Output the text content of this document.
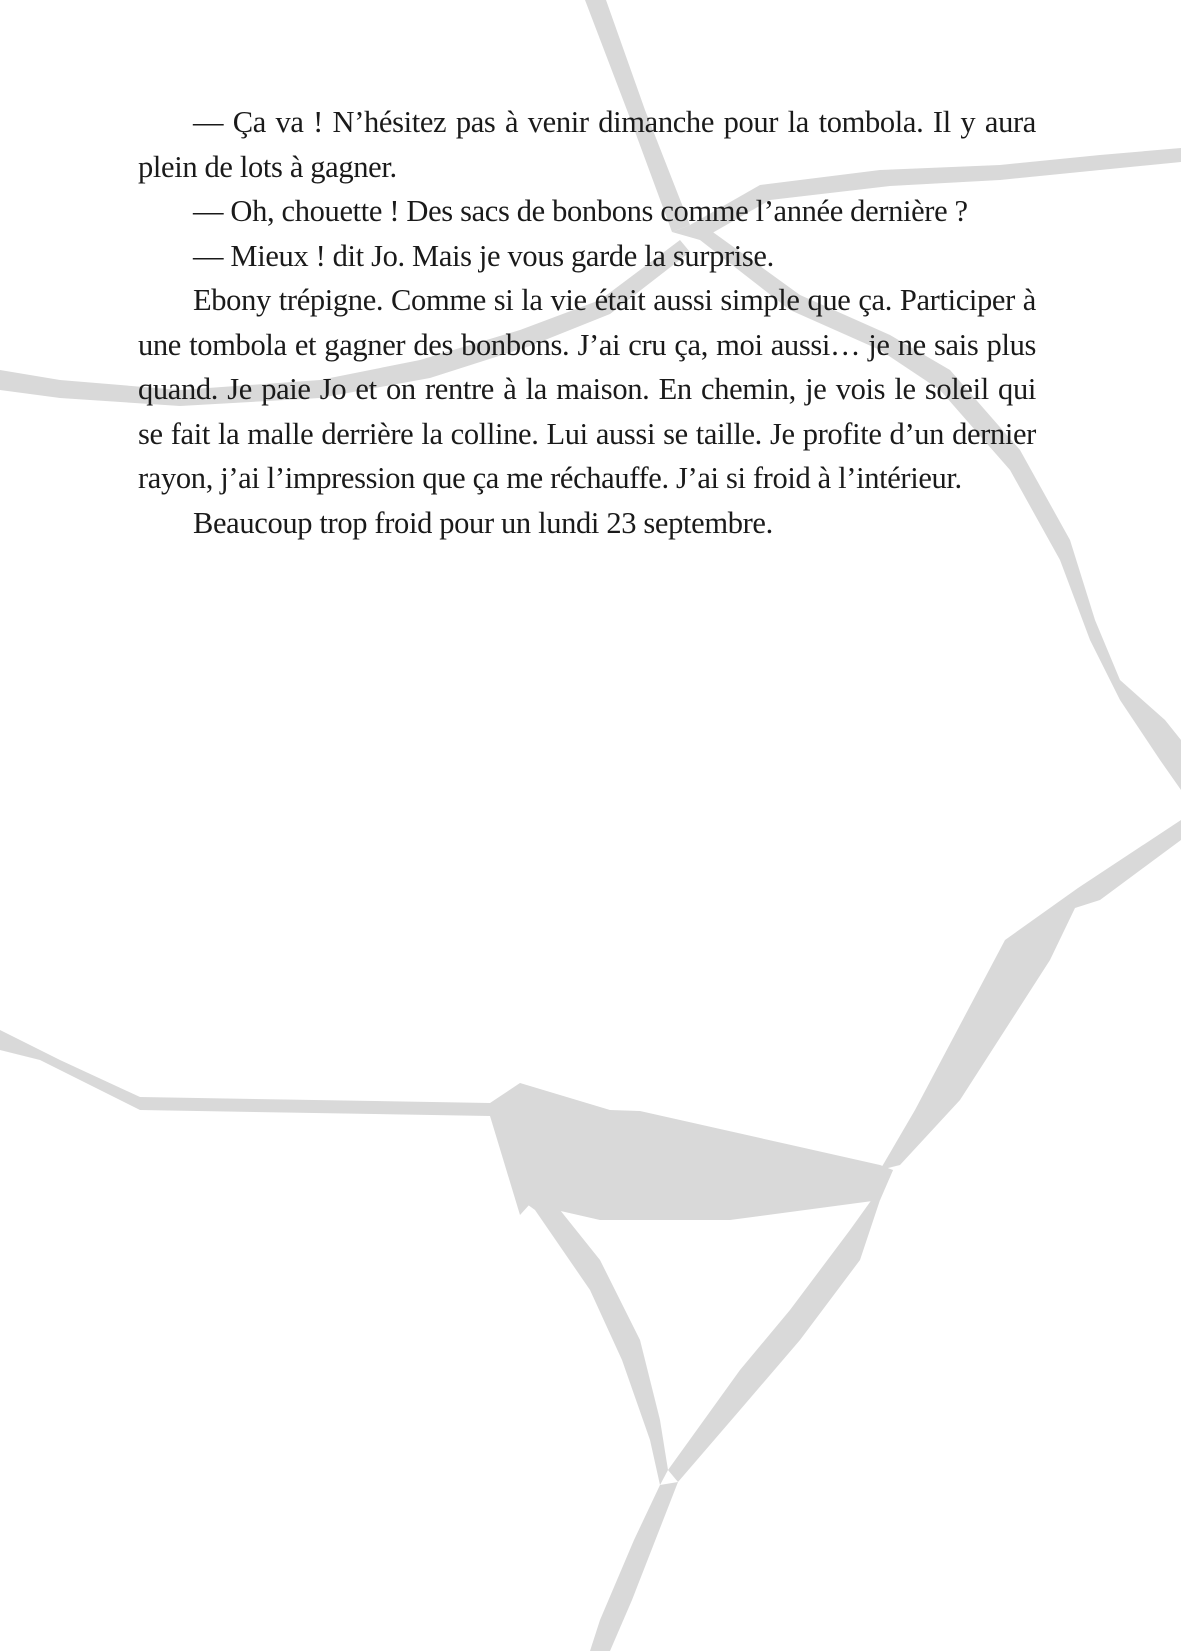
— Ça va ! N’hésitez pas à venir dimanche pour la tombola. Il y aura plein de lots à gagner.

— Oh, chouette ! Des sacs de bonbons comme l’année dernière ?

— Mieux ! dit Jo. Mais je vous garde la surprise.

Ebony trépigne. Comme si la vie était aussi simple que ça. Participer à une tombola et gagner des bonbons. J’ai cru ça, moi aussi… je ne sais plus quand. Je paie Jo et on rentre à la maison. En chemin, je vois le soleil qui se fait la malle derrière la colline. Lui aussi se taille. Je profite d’un dernier rayon, j’ai l’impression que ça me réchauffe. J’ai si froid à l’intérieur.

Beaucoup trop froid pour un lundi 23 septembre.
